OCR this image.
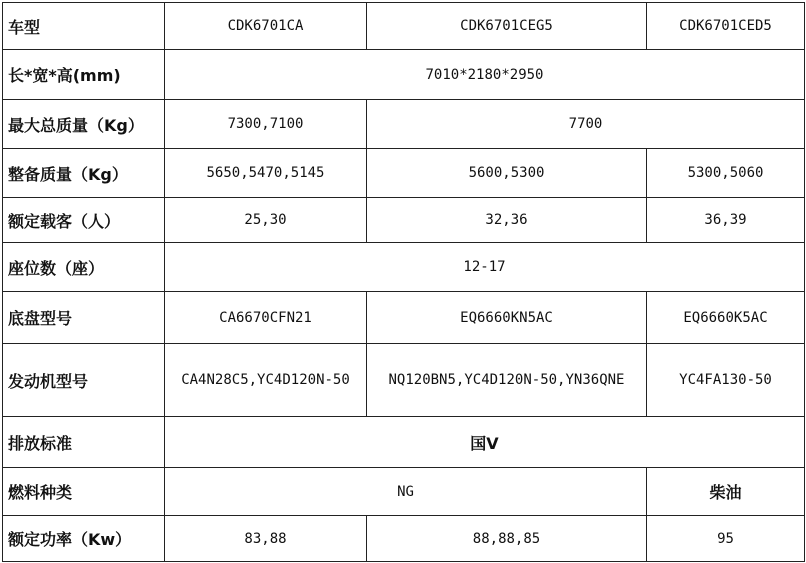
车型	CDK6701CA	CDK6701CEG5	CDK6701CED5
长*宽*高(mm)	7010*2180*2950		
最大总质量（Kg）	7300,7100	7700	
整备质量（Kg）	5650,5470,5145	5600,5300	5300,5060
额定载客（人）	25,30	32,36	36,39
座位数（座）	12-17		
底盘型号	CA6670CFN21	EQ6660KN5AC	EQ6660K5AC
发动机型号	CA4N28C5,YC4D120N-50	NQ120BN5,YC4D120N-50,YN36QNE	YC4FA130-50
排放标准	国Ⅴ		
燃料种类	NG		柴油
额定功率（Kw）	83,88	88,88,85	95
